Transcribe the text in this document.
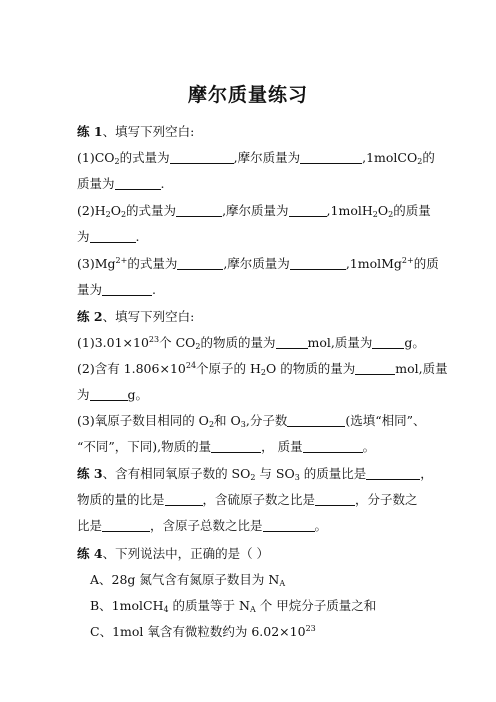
摩尔质量练习
练 1、填写下列空白:
$(1)CO_2$的式量为	,摩尔质量为	,1molCO$_2$的
质量为	.
$(2)H_2O_2$的式量为	,摩尔质量为	$,1molH_2O_2$的质量
为	.
$(3)Mg^{2+}$的式量为	,摩尔质量为	,1molMg$^{2+}$的质
量为	.
练 2、填写下列空白:
$(1)3.01\times 10^{23}$个 $CO_2$的物质的量为	mol,质量为	g。
(2)含有 $1.806\times 10^{24}$个原子的 $H_2O$ 的物质的量为	mol,质量
为	g。
(3)氧原子数目相同的 $O_2$和 $O_3$,分子数	(选填“相同”、
“不同”，下同),物质的量	， 质量	。
练 3、含有相同氧原子数的 $SO_2$ 与 $SO_3$ 的质量比是	，
物质的量的比是	，含硫原子数之比是	，分子数之
比是	，含原子总数之比是	。
练 4、下列说法中，正确的是（ ）
A、28g 氮气含有氮原子数目为 $N_A$
B、1molCH$_4$ 的质量等于 $N_A$ 个 甲烷分子质量之和
C、1mol 氧含有微粒数约为 $6.02\times 10^{23}$
